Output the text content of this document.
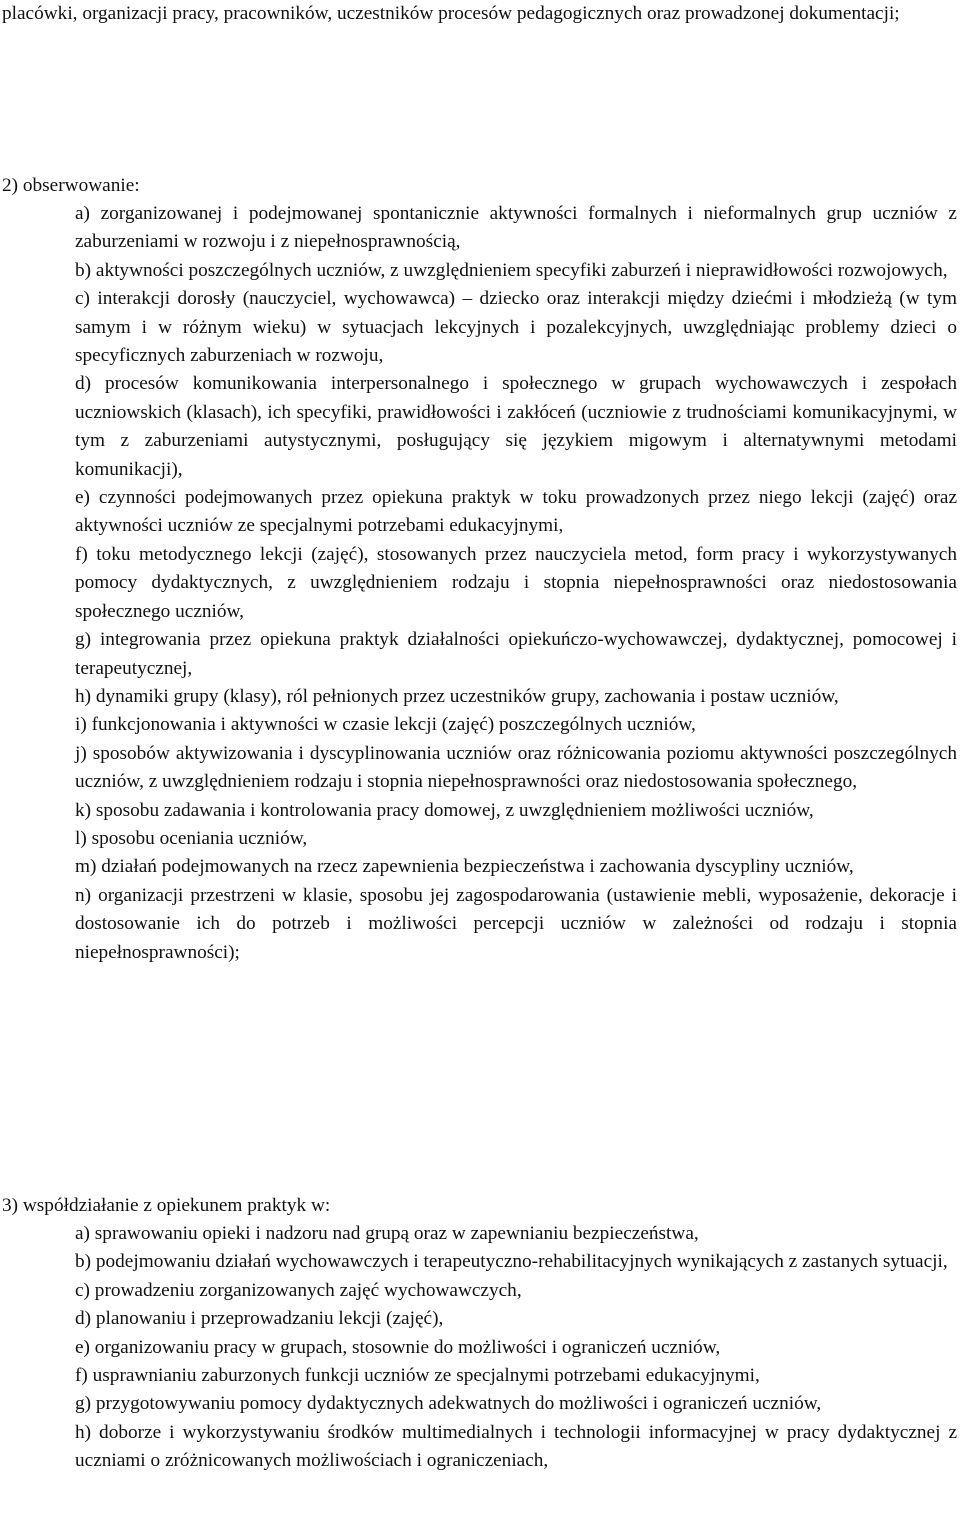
placówki, organizacji pracy, pracowników, uczestników procesów pedagogicznych oraz prowadzonej dokumentacji;

2) obserwowanie:

a) zorganizowanej i podejmowanej spontanicznie aktywności formalnych i nieformalnych grup uczniów z zaburzeniami w rozwoju i z niepełnosprawnością,

b) aktywności poszczególnych uczniów, z uwzględnieniem specyfiki zaburzeń i nieprawidłowości rozwojowych,

c) interakcji dorosły (nauczyciel, wychowawca) – dziecko oraz interakcji między dziećmi i młodzieżą (w tym samym i w różnym wieku) w sytuacjach lekcyjnych i pozalekcyjnych, uwzględniając problemy dzieci o specyficznych zaburzeniach w rozwoju,

d) procesów komunikowania interpersonalnego i społecznego w grupach wychowawczych i zespołach uczniowskich (klasach), ich specyfiki, prawidłowości i zakłóceń (uczniowie z trudnościami komunikacyjnymi, w tym z zaburzeniami autystycznymi, posługujący się językiem migowym i alternatywnymi metodami komunikacji),

e) czynności podejmowanych przez opiekuna praktyk w toku prowadzonych przez niego lekcji (zajęć) oraz aktywności uczniów ze specjalnymi potrzebami edukacyjnymi,

f) toku metodycznego lekcji (zajęć), stosowanych przez nauczyciela metod, form pracy i wykorzystywanych pomocy dydaktycznych, z uwzględnieniem rodzaju i stopnia niepełnosprawności oraz niedostosowania społecznego uczniów,

g) integrowania przez opiekuna praktyk działalności opiekuńczo-wychowawczej, dydaktycznej, pomocowej i terapeutycznej,

h) dynamiki grupy (klasy), ról pełnionych przez uczestników grupy, zachowania i postaw uczniów,

i) funkcjonowania i aktywności w czasie lekcji (zajęć) poszczególnych uczniów,

j) sposobów aktywizowania i dyscyplinowania uczniów oraz różnicowania poziomu aktywności poszczególnych uczniów, z uwzględnieniem rodzaju i stopnia niepełnosprawności oraz niedostosowania społecznego,

k) sposobu zadawania i kontrolowania pracy domowej, z uwzględnieniem możliwości uczniów,

l) sposobu oceniania uczniów,

m) działań podejmowanych na rzecz zapewnienia bezpieczeństwa i zachowania dyscypliny uczniów,

n) organizacji przestrzeni w klasie, sposobu jej zagospodarowania (ustawienie mebli, wyposażenie, dekoracje i dostosowanie ich do potrzeb i możliwości percepcji uczniów w zależności od rodzaju i stopnia niepełnosprawności);

3) współdziałanie z opiekunem praktyk w:

a) sprawowaniu opieki i nadzoru nad grupą oraz w zapewnianiu bezpieczeństwa,

b) podejmowaniu działań wychowawczych i terapeutyczno-rehabilitacyjnych wynikających z zastanych sytuacji,

c) prowadzeniu zorganizowanych zajęć wychowawczych,

d) planowaniu i przeprowadzaniu lekcji (zajęć),

e) organizowaniu pracy w grupach, stosownie do możliwości i ograniczeń uczniów,

f) usprawnianiu zaburzonych funkcji uczniów ze specjalnymi potrzebami edukacyjnymi,

g) przygotowywaniu pomocy dydaktycznych adekwatnych do możliwości i ograniczeń uczniów,

h) doborze i wykorzystywaniu środków multimedialnych i technologii informacyjnej w pracy dydaktycznej z uczniami o zróżnicowanych możliwościach i ograniczeniach,
